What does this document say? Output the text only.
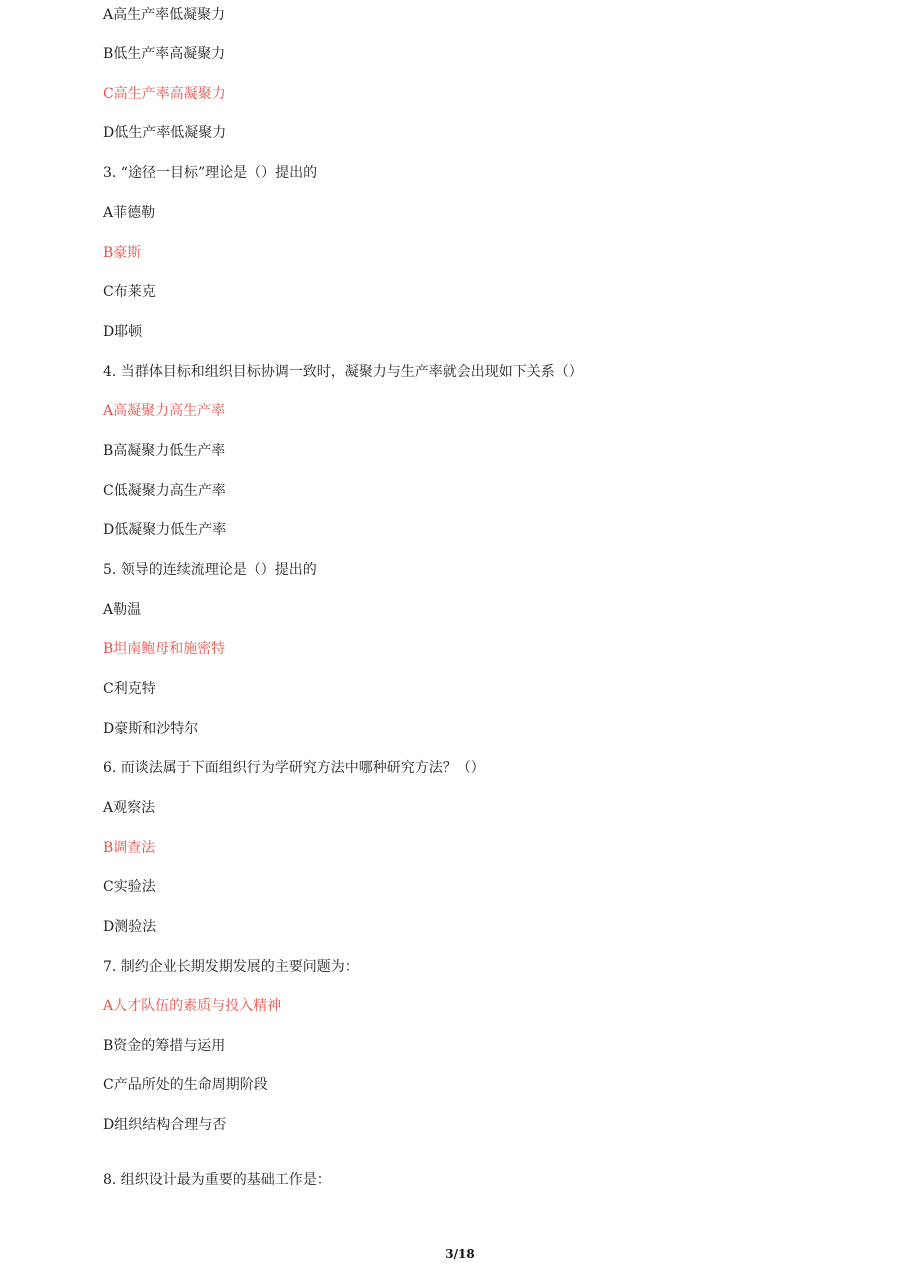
A高生产率低凝聚力
B低生产率高凝聚力
C高生产率高凝聚力
D低生产率低凝聚力
3. “途径一目标”理论是（）提出的
A菲德勒
B豪斯
C布莱克
D耶顿
4. 当群体目标和组织目标协调一致时，凝聚力与生产率就会出现如下关系（）
A高凝聚力高生产率
B高凝聚力低生产率
C低凝聚力高生产率
D低凝聚力低生产率
5. 领导的连续流理论是（）提出的
A勒温
B坦南鲍母和施密特
C利克特
D豪斯和沙特尔
6. 而谈法属于下面组织行为学研究方法中哪种研究方法？（）
A观察法
B调查法
C实验法
D测验法
7. 制约企业长期发期发展的主要问题为：
A人才队伍的素质与投入精神
B资金的筹措与运用
C产品所处的生命周期阶段
D组织结构合理与否
8. 组织设计最为重要的基础工作是：
3/18
